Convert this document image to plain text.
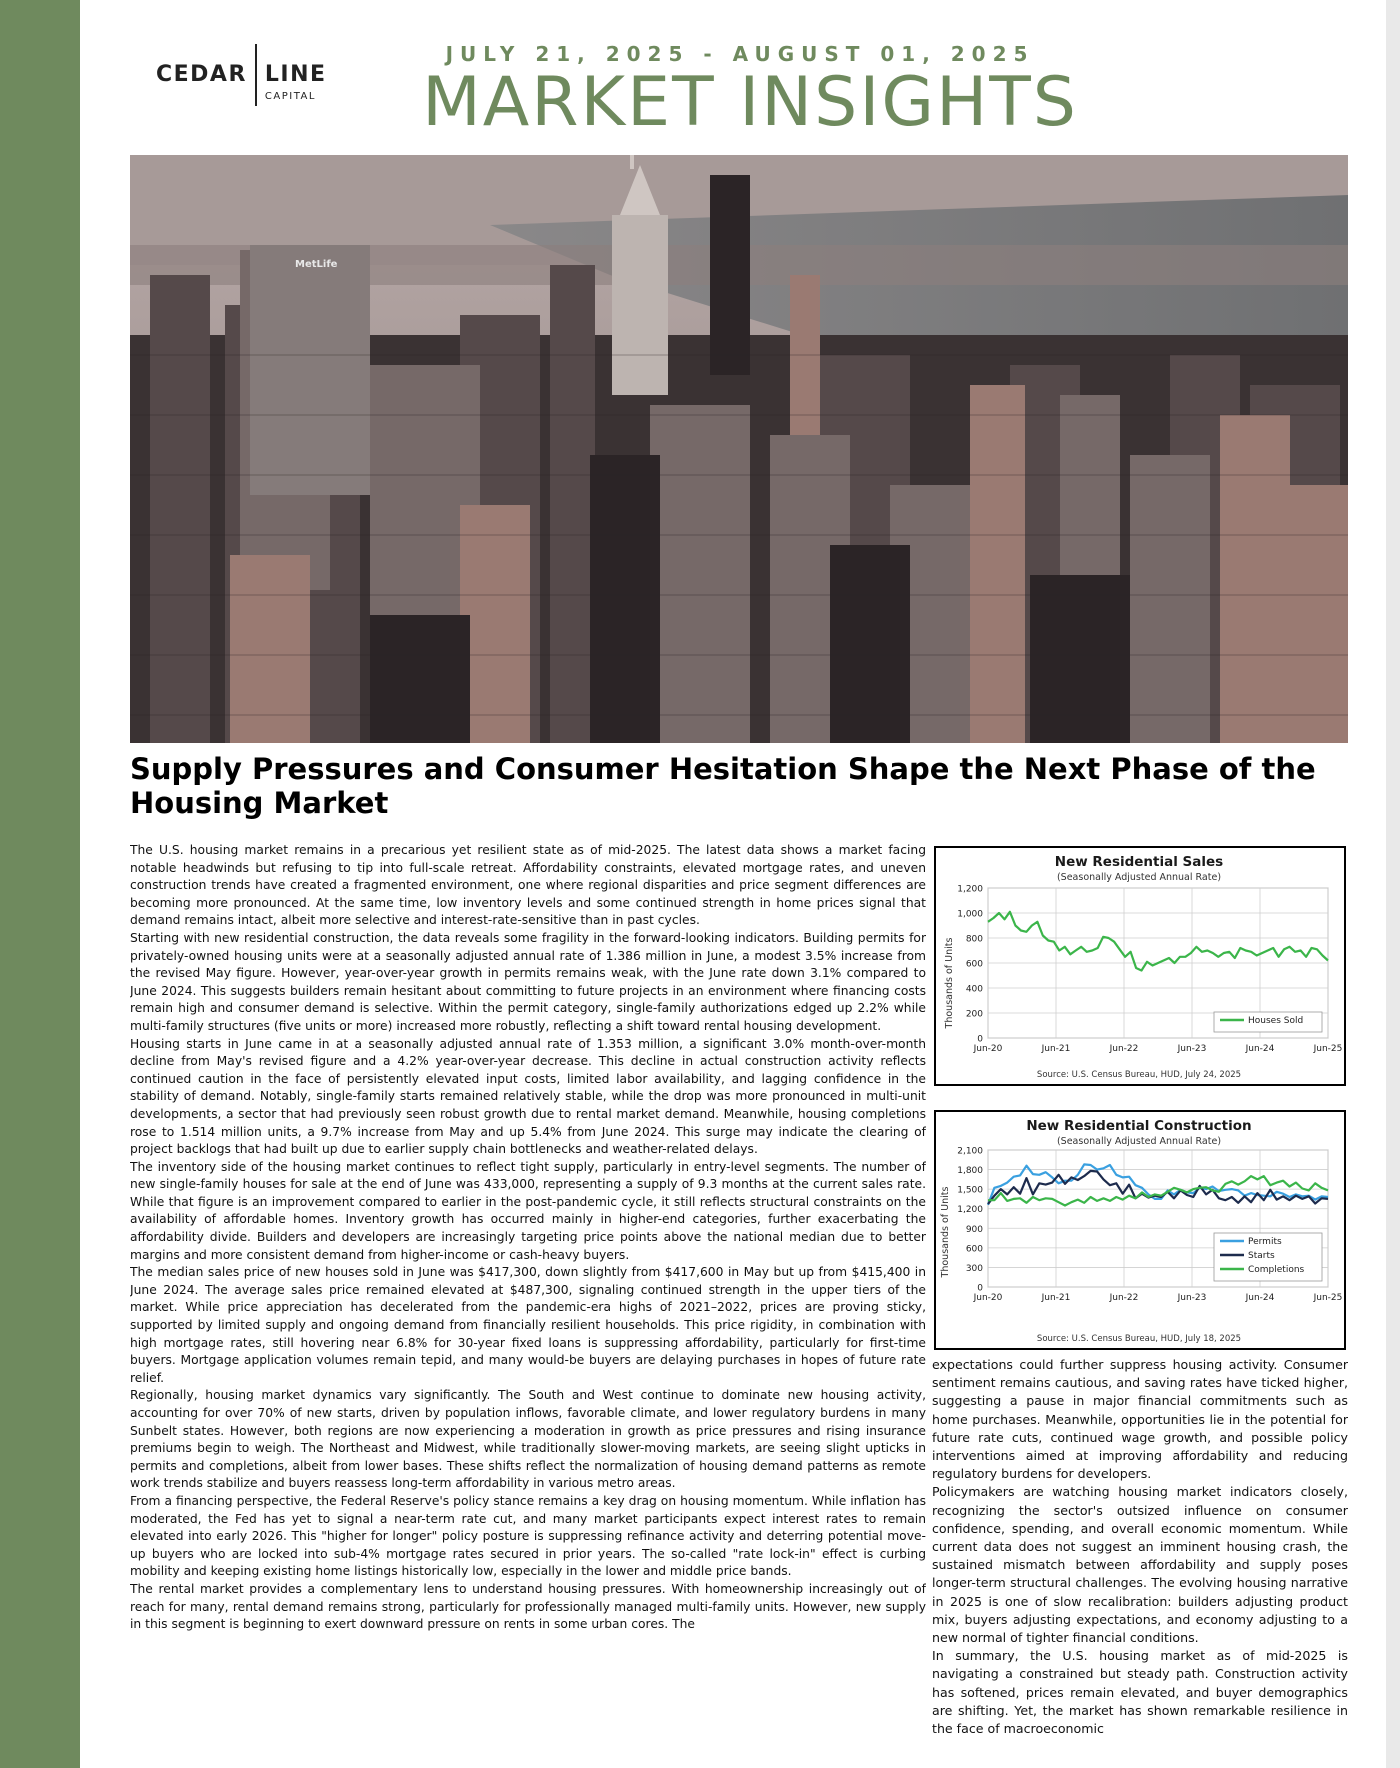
CEDAR LINE
CAPITAL
JULY 21, 2025 - AUGUST 01, 2025
MARKET INSIGHTS
MetLife
Supply Pressures and Consumer Hesitation Shape the Next Phase of the Housing Market

The U.S. housing market remains in a precarious yet resilient state as of mid-2025. The latest data shows a market facing notable headwinds but refusing to tip into full-scale retreat. Affordability constraints, elevated mortgage rates, and uneven construction trends have created a fragmented environment, one where regional disparities and price segment differences are becoming more pronounced. At the same time, low inventory levels and some continued strength in home prices signal that demand remains intact, albeit more selective and interest-rate-sensitive than in past cycles.

Starting with new residential construction, the data reveals some fragility in the forward-looking indicators. Building permits for privately-owned housing units were at a seasonally adjusted annual rate of 1.386 million in June, a modest 3.5% increase from the revised May figure. However, year-over-year growth in permits remains weak, with the June rate down 3.1% compared to June 2024. This suggests builders remain hesitant about committing to future projects in an environment where financing costs remain high and consumer demand is selective. Within the permit category, single-family authorizations edged up 2.2% while multi-family structures (five units or more) increased more robustly, reflecting a shift toward rental housing development.

Housing starts in June came in at a seasonally adjusted annual rate of 1.353 million, a significant 3.0% month-over-month decline from May's revised figure and a 4.2% year-over-year decrease. This decline in actual construction activity reflects continued caution in the face of persistently elevated input costs, limited labor availability, and lagging confidence in the stability of demand. Notably, single-family starts remained relatively stable, while the drop was more pronounced in multi-unit developments, a sector that had previously seen robust growth due to rental market demand. Meanwhile, housing completions rose to 1.514 million units, a 9.7% increase from May and up 5.4% from June 2024. This surge may indicate the clearing of project backlogs that had built up due to earlier supply chain bottlenecks and weather-related delays.

The inventory side of the housing market continues to reflect tight supply, particularly in entry-level segments. The number of new single-family houses for sale at the end of June was 433,000, representing a supply of 9.3 months at the current sales rate. While that figure is an improvement compared to earlier in the post-pandemic cycle, it still reflects structural constraints on the availability of affordable homes. Inventory growth has occurred mainly in higher-end categories, further exacerbating the affordability divide. Builders and developers are increasingly targeting price points above the national median due to better margins and more consistent demand from higher-income or cash-heavy buyers.

The median sales price of new houses sold in June was $417,300, down slightly from $417,600 in May but up from $415,400 in June 2024. The average sales price remained elevated at $487,300, signaling continued strength in the upper tiers of the market. While price appreciation has decelerated from the pandemic-era highs of 2021–2022, prices are proving sticky, supported by limited supply and ongoing demand from financially resilient households. This price rigidity, in combination with high mortgage rates, still hovering near 6.8% for 30-year fixed loans is suppressing affordability, particularly for first-time buyers. Mortgage application volumes remain tepid, and many would-be buyers are delaying purchases in hopes of future rate relief.

Regionally, housing market dynamics vary significantly. The South and West continue to dominate new housing activity, accounting for over 70% of new starts, driven by population inflows, favorable climate, and lower regulatory burdens in many Sunbelt states. However, both regions are now experiencing a moderation in growth as price pressures and rising insurance premiums begin to weigh. The Northeast and Midwest, while traditionally slower-moving markets, are seeing slight upticks in permits and completions, albeit from lower bases. These shifts reflect the normalization of housing demand patterns as remote work trends stabilize and buyers reassess long-term affordability in various metro areas.

From a financing perspective, the Federal Reserve's policy stance remains a key drag on housing momentum. While inflation has moderated, the Fed has yet to signal a near-term rate cut, and many market participants expect interest rates to remain elevated into early 2026. This "higher for longer" policy posture is suppressing refinance activity and deterring potential move-up buyers who are locked into sub-4% mortgage rates secured in prior years. The so-called "rate lock-in" effect is curbing mobility and keeping existing home listings historically low, especially in the lower and middle price bands.

The rental market provides a complementary lens to understand housing pressures. With homeownership increasingly out of reach for many, rental demand remains strong, particularly for professionally managed multi-family units. However, new supply in this segment is beginning to exert downward pressure on rents in some urban cores. The

New Residential Sales
(Seasonally Adjusted Annual Rate)
Thousands of Units
Source: U.S. Census Bureau, HUD, July 24, 2025
0
200
400
600
800
1,000
1,200
Jun-20	Jun-21	Jun-22	Jun-23	Jun-24	Jun-25
Houses Sold
New Residential Construction
(Seasonally Adjusted Annual Rate)
Thousands of Units
Source: U.S. Census Bureau, HUD, July 18, 2025
0
300
600
900
1,200
1,500
1,800
2,100
Jun-20	Jun-21	Jun-22	Jun-23	Jun-24	Jun-25
Permits
Starts
Completions

expectations could further suppress housing activity. Consumer sentiment remains cautious, and saving rates have ticked higher, suggesting a pause in major financial commitments such as home purchases. Meanwhile, opportunities lie in the potential for future rate cuts, continued wage growth, and possible policy interventions aimed at improving affordability and reducing regulatory burdens for developers.

Policymakers are watching housing market indicators closely, recognizing the sector's outsized influence on consumer confidence, spending, and overall economic momentum. While current data does not suggest an imminent housing crash, the sustained mismatch between affordability and supply poses longer-term structural challenges. The evolving housing narrative in 2025 is one of slow recalibration: builders adjusting product mix, buyers adjusting expectations, and economy adjusting to a new normal of tighter financial conditions.

In summary, the U.S. housing market as of mid-2025 is navigating a constrained but steady path. Construction activity has softened, prices remain elevated, and buyer demographics are shifting. Yet, the market has shown remarkable resilience in the face of macroeconomic
